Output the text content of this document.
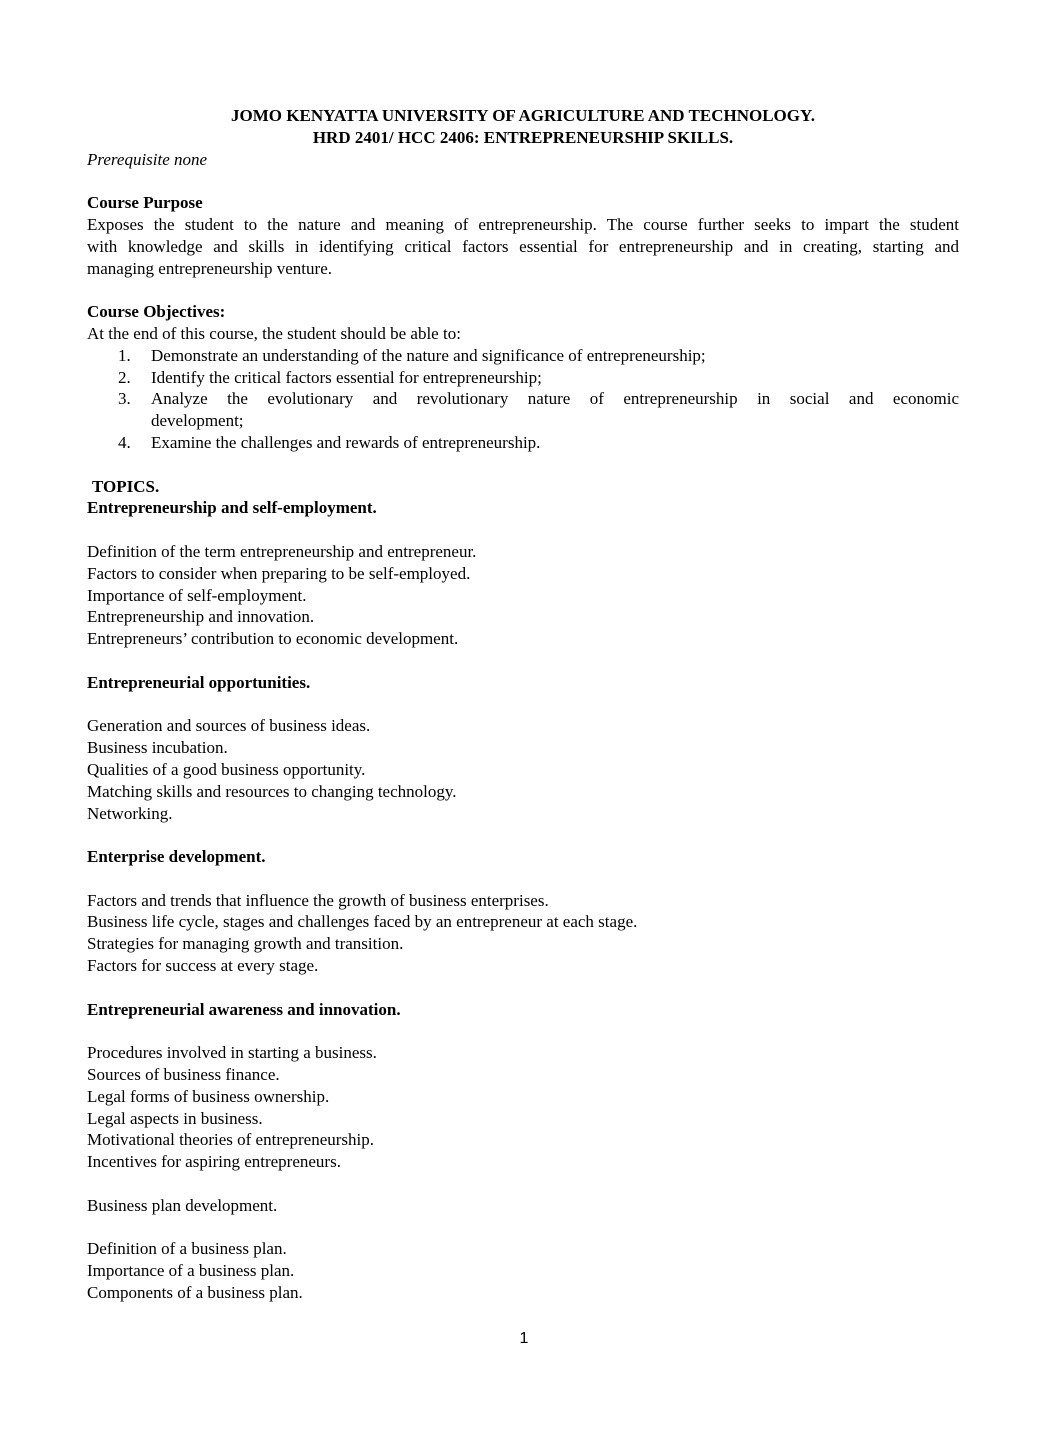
JOMO KENYATTA UNIVERSITY OF AGRICULTURE AND TECHNOLOGY.
HRD 2401/ HCC 2406: ENTREPRENEURSHIP SKILLS.
Prerequisite none
Course Purpose
Exposes the student to the nature and meaning of entrepreneurship. The course further seeks to impart the student
with knowledge and skills in identifying critical factors essential for entrepreneurship and in creating, starting and
managing entrepreneurship venture.
Course Objectives:
At the end of this course, the student should be able to:
1.	Demonstrate an understanding of the nature and significance of entrepreneurship;
2.	Identify the critical factors essential for entrepreneurship;
3.	Analyze the evolutionary and revolutionary nature of entrepreneurship in social and economic
development;
4.	Examine the challenges and rewards of entrepreneurship.
TOPICS.
Entrepreneurship and self-employment.
Definition of the term entrepreneurship and entrepreneur.
Factors to consider when preparing to be self-employed.
Importance of self-employment.
Entrepreneurship and innovation.
Entrepreneurs’ contribution to economic development.
Entrepreneurial opportunities.
Generation and sources of business ideas.
Business incubation.
Qualities of a good business opportunity.
Matching skills and resources to changing technology.
Networking.
Enterprise development.
Factors and trends that influence the growth of business enterprises.
Business life cycle, stages and challenges faced by an entrepreneur at each stage.
Strategies for managing growth and transition.
Factors for success at every stage.
Entrepreneurial awareness and innovation.
Procedures involved in starting a business.
Sources of business finance.
Legal forms of business ownership.
Legal aspects in business.
Motivational theories of entrepreneurship.
Incentives for aspiring entrepreneurs.
Business plan development.
Definition of a business plan.
Importance of a business plan.
Components of a business plan.
1
